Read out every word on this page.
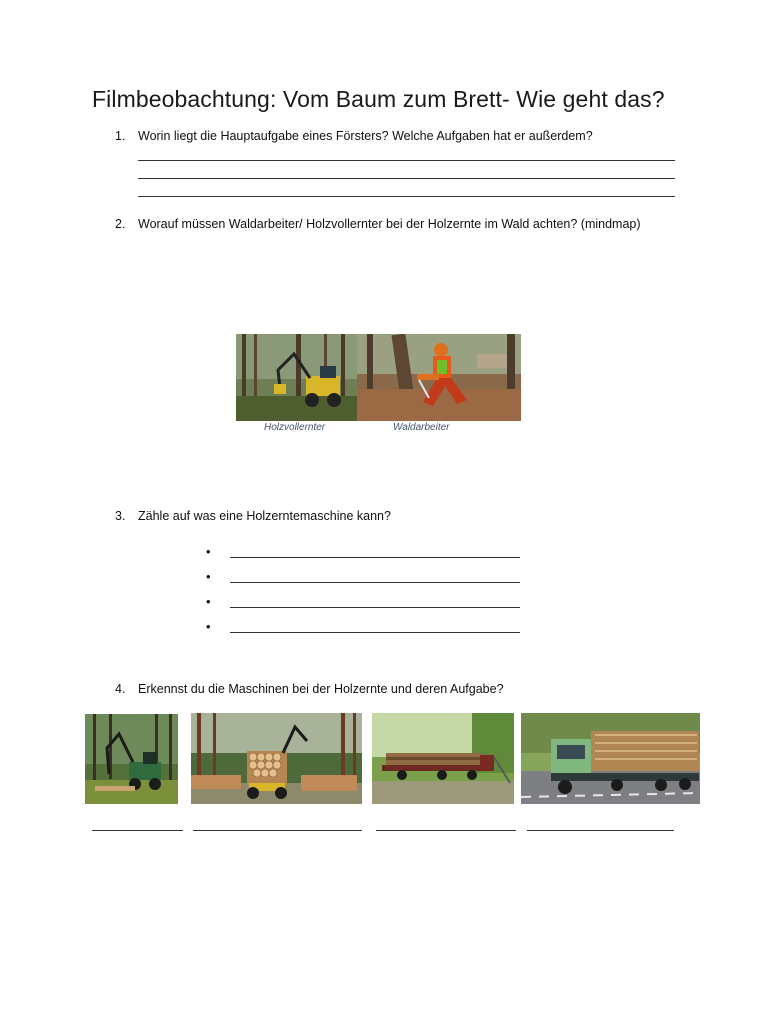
Filmbeobachtung: Vom Baum zum Brett- Wie geht das?
1. Worin liegt die Hauptaufgabe eines Försters? Welche Aufgaben hat er außerdem?
2. Worauf müssen Waldarbeiter/ Holzvollernter bei der Holzernte im Wald achten? (mindmap)
Holzvollernter	Waldarbeiter
3. Zähle auf was eine Holzerntemaschine kann?
•
•
•
•
4. Erkennst du die Maschinen bei der Holzernte und deren Aufgabe?
